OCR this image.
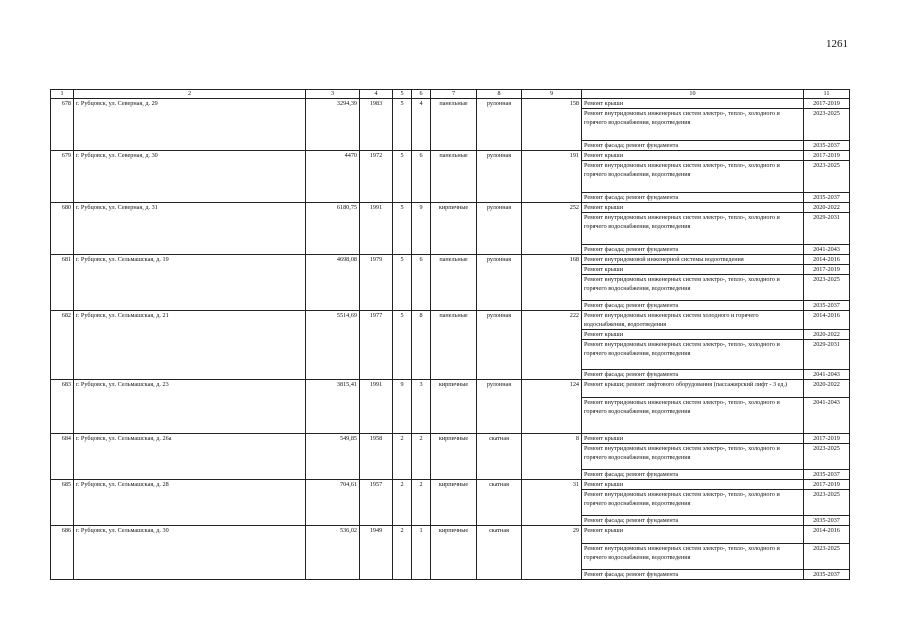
1261
1	2	3	4	5	6	7	8	9	10	11
678	г. Рубцовск, ул. Северная, д. 29	3294,39	1983	5	4	панельные	рулонная	158	Ремонт крыши	2017-2019
									Ремонт внутридомовых инженерных систем электро-, тепло-, холодного и горячего водоснабжения, водоотведения	2023-2025
									Ремонт фасада; ремонт фундамента	2035-2037
679	г. Рубцовск, ул. Северная, д. 30	4470	1972	5	6	панельные	рулонная	191	Ремонт крыши	2017-2019
									Ремонт внутридомовых инженерных систем электро-, тепло-, холодного и горячего водоснабжения, водоотведения	2023-2025
									Ремонт фасада; ремонт фундамента	2035-2037
680	г. Рубцовск, ул. Северная, д. 31	6180,75	1991	5	9	кирпичные	рулонная	252	Ремонт крыши	2020-2022
									Ремонт внутридомовых инженерных систем электро-, тепло-, холодного и горячего водоснабжения, водоотведения	2029-2031
									Ремонт фасада; ремонт фундамента	2041-2043
681	г. Рубцовск, ул. Сельмашская, д. 19	4698,08	1979	5	6	панельные	рулонная	168	Ремонт внутридомовой инженерной системы водоотведения	2014-2016
									Ремонт крыши	2017-2019
									Ремонт внутридомовых инженерных систем электро-, тепло-, холодного и горячего водоснабжения, водоотведения	2023-2025
									Ремонт фасада; ремонт фундамента	2035-2037
682	г. Рубцовск, ул. Сельмашская, д. 21	5514,69	1977	5	8	панельные	рулонная	222	Ремонт внутридомовых инженерных систем холодного и горячего водоснабжения, водоотведения	2014-2016
									Ремонт крыши	2020-2022
									Ремонт внутридомовых инженерных систем электро-, тепло-, холодного и горячего водоснабжения, водоотведения	2029-2031
									Ремонт фасада; ремонт фундамента	2041-2043
683	г. Рубцовск, ул. Сельмашская, д. 23	3815,41	1991	9	3	кирпичные	рулонная	124	Ремонт крыши; ремонт лифтового оборудования (пассажирский лифт - 3 ед.)	2020-2022
									Ремонт внутридомовых инженерных систем электро-, тепло-, холодного и горячего водоснабжения, водоотведения	2041-2043
684	г. Рубцовск, ул. Сельмашская, д. 26а	549,85	1958	2	2	кирпичные	скатная	8	Ремонт крыши	2017-2019
									Ремонт внутридомовых инженерных систем электро-, тепло-, холодного и горячего водоснабжения, водоотведения	2023-2025
									Ремонт фасада; ремонт фундамента	2035-2037
685	г. Рубцовск, ул. Сельмашская, д. 28	704,61	1957	2	2	кирпичные	скатная	31	Ремонт крыши	2017-2019
									Ремонт внутридомовых инженерных систем электро-, тепло-, холодного и горячего водоснабжения, водоотведения	2023-2025
									Ремонт фасада; ремонт фундамента	2035-2037
686	г. Рубцовск, ул. Сельмашская, д. 30	536,02	1949	2	1	кирпичные	скатная	29	Ремонт крыши	2014-2016
									Ремонт внутридомовых инженерных систем электро-, тепло-, холодного и горячего водоснабжения, водоотведения	2023-2025
									Ремонт фасада; ремонт фундамента	2035-2037
